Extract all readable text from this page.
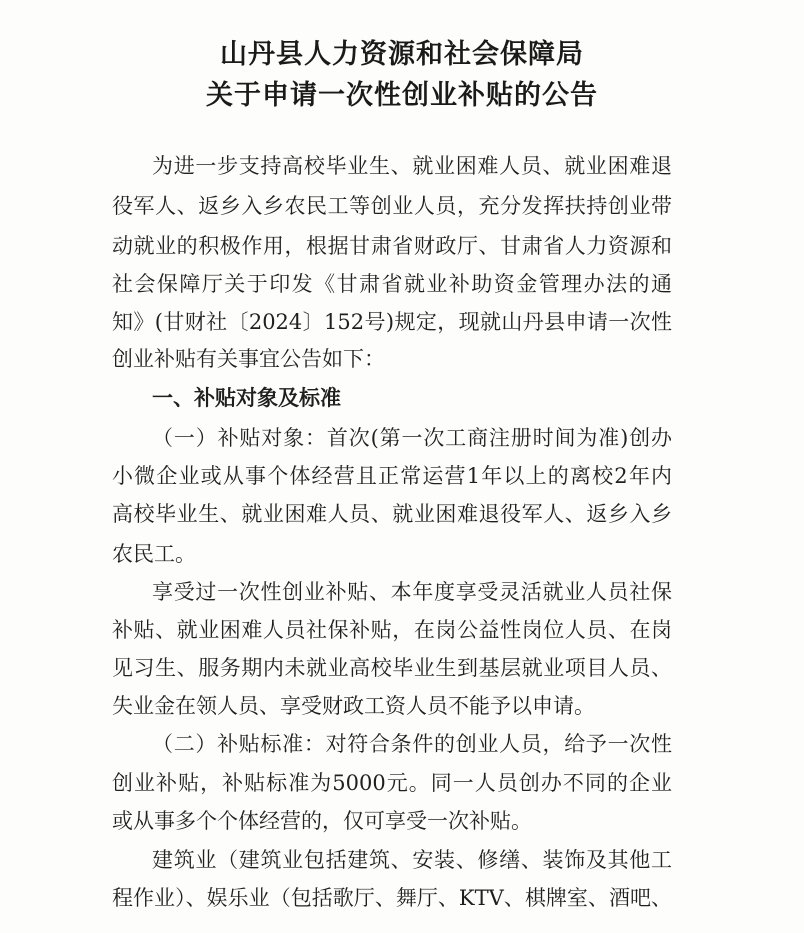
山丹县人力资源和社会保障局
关于申请一次性创业补贴的公告
为进一步支持高校毕业生、就业困难人员、就业困难退
役军人、返乡入乡农民工等创业人员，充分发挥扶持创业带
动就业的积极作用，根据甘肃省财政厅、甘肃省人力资源和
社会保障厅关于印发《甘肃省就业补助资金管理办法的通
知》(甘财社〔2024〕152号)规定，现就山丹县申请一次性
创业补贴有关事宜公告如下：
一、补贴对象及标准
（一）补贴对象：首次(第一次工商注册时间为准)创办
小微企业或从事个体经营且正常运营1年以上的离校2年内
高校毕业生、就业困难人员、就业困难退役军人、返乡入乡
农民工。
享受过一次性创业补贴、本年度享受灵活就业人员社保
补贴、就业困难人员社保补贴，在岗公益性岗位人员、在岗
见习生、服务期内未就业高校毕业生到基层就业项目人员、
失业金在领人员、享受财政工资人员不能予以申请。
（二）补贴标准：对符合条件的创业人员，给予一次性
创业补贴，补贴标准为5000元。同一人员创办不同的企业
或从事多个个体经营的，仅可享受一次补贴。
建筑业（建筑业包括建筑、安装、修缮、装饰及其他工
程作业）、娱乐业（包括歌厅、舞厅、KTV、棋牌室、酒吧、
